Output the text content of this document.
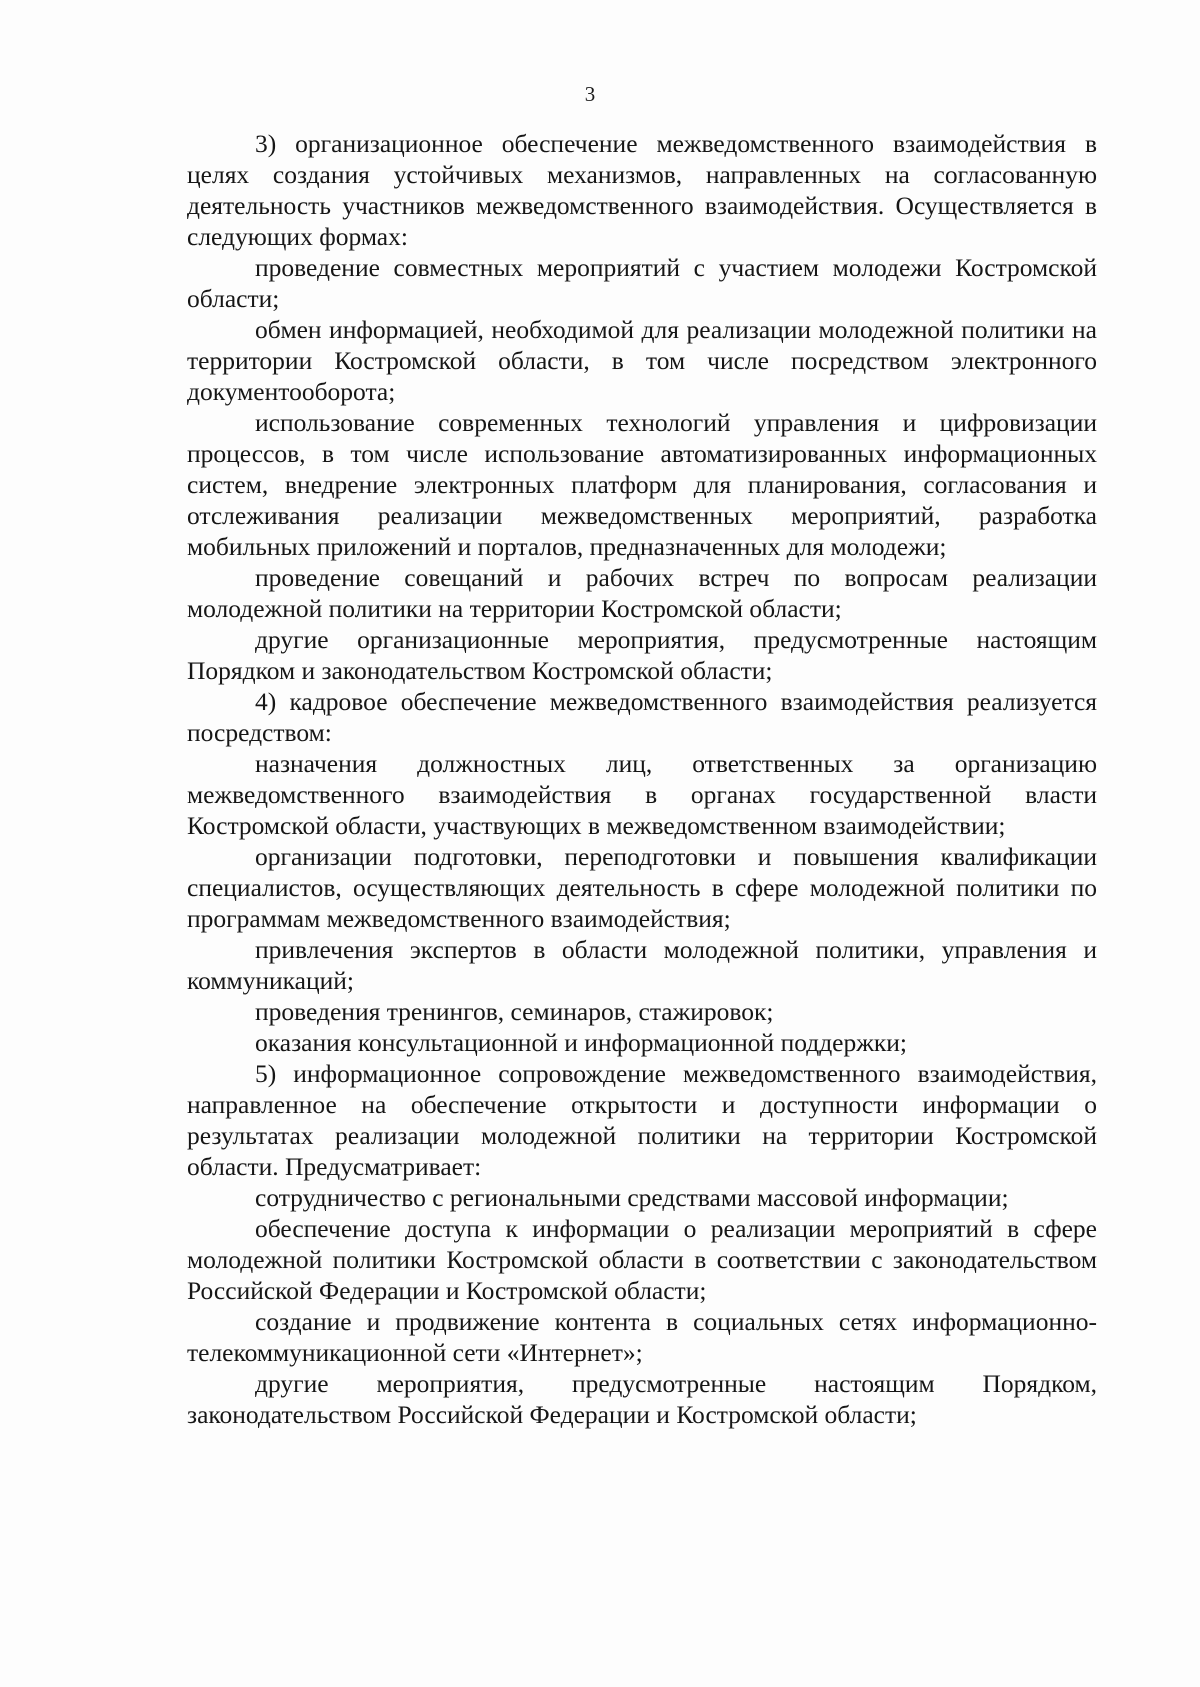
3

3) организационное обеспечение межведомственного взаимодействия в целях создания устойчивых механизмов, направленных на согласованную деятельность участников межведомственного взаимодействия. Осуществляется в следующих формах:

проведение совместных мероприятий с участием молодежи Костромской области;

обмен информацией, необходимой для реализации молодежной политики на территории Костромской области, в том числе посредством электронного документооборота;

использование современных технологий управления и цифровизации процессов, в том числе использование автоматизированных информационных систем, внедрение электронных платформ для планирования, согласования и отслеживания реализации межведомственных мероприятий, разработка мобильных приложений и порталов, предназначенных для молодежи;

проведение совещаний и рабочих встреч по вопросам реализации молодежной политики на территории Костромской области;

другие организационные мероприятия, предусмотренные настоящим Порядком и законодательством Костромской области;

4) кадровое обеспечение межведомственного взаимодействия реализуется посредством:

назначения должностных лиц, ответственных за организацию межведомственного взаимодействия в органах государственной власти Костромской области, участвующих в межведомственном взаимодействии;

организации подготовки, переподготовки и повышения квалификации специалистов, осуществляющих деятельность в сфере молодежной политики по программам межведомственного взаимодействия;

привлечения экспертов в области молодежной политики, управления и коммуникаций;

проведения тренингов, семинаров, стажировок;

оказания консультационной и информационной поддержки;

5) информационное сопровождение межведомственного взаимодействия, направленное на обеспечение открытости и доступности информации о результатах реализации молодежной политики на территории Костромской области. Предусматривает:

сотрудничество с региональными средствами массовой информации;

обеспечение доступа к информации о реализации мероприятий в сфере молодежной политики Костромской области в соответствии с законодательством Российской Федерации и Костромской области;

создание и продвижение контента в социальных сетях информационно-телекоммуникационной сети «Интернет»;

другие мероприятия, предусмотренные настоящим Порядком, законодательством Российской Федерации и Костромской области;
